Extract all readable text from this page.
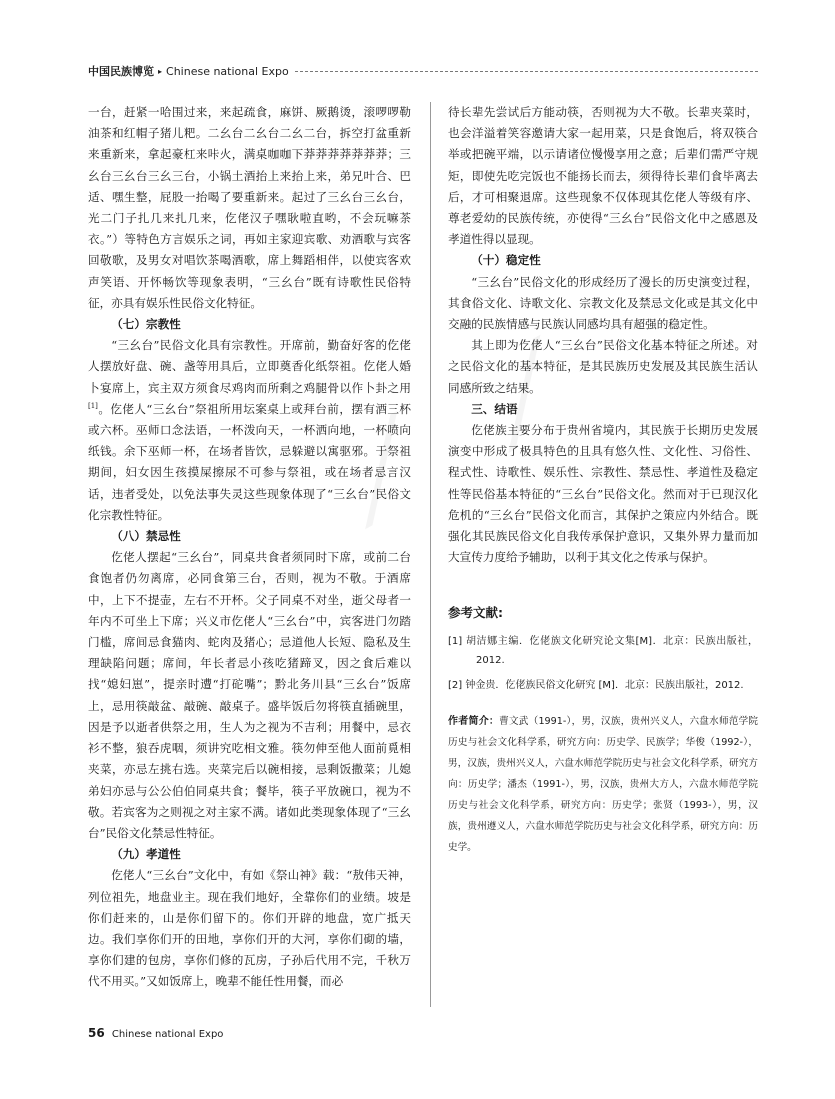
中国民族博览 ▸ Chinese national Expo

一台，赶紧一哈围过来，来起疏食，麻饼、厥鹅烫，滚啰啰勒油茶和红帽子猪儿粑。二幺台二幺台二幺二台，拆空打盆重新来重新来，拿起豪杠来咔火，满桌咖咖下莽莽莽莽莽莽莽；三幺台三幺台三幺三台，小锅土酒抬上来抬上来，弟兄叶合、巴适、嘿生整，屁股一抬喝了要重新来。起过了三幺台三幺台，光二门子扎几来扎几来，仡佬汉子嘿耿啦直哟，不会玩嘛茶衣。”）等特色方言娱乐之词，再如主家迎宾歌、劝酒歌与宾客回敬歌，及男女对唱饮茶喝酒歌，席上舞蹈相伴，以使宾客欢声笑语、开怀畅饮等现象表明，“三幺台”既有诗歌性民俗特征，亦具有娱乐性民俗文化特征。

（七）宗教性

“三幺台”民俗文化具有宗教性。开席前，勤奋好客的仡佬人摆放好盘、碗、盏等用具后，立即奠香化纸祭祖。仡佬人婚卜宴席上，宾主双方须食尽鸡肉而所剩之鸡腿骨以作卜卦之用[1]。仡佬人“三幺台”祭祖所用坛案桌上或拜台前，摆有酒三杯或六杯。巫师口念法语，一杯泼向天，一杯洒向地，一杯喷向纸钱。余下巫师一杯，在场者皆饮，忌躲避以寓驱邪。于祭祖期间，妇女因生孩摸屎擦尿不可参与祭祖，或在场者忌言汉话，违者受处，以免法事失灵这些现象体现了“三幺台”民俗文化宗教性特征。

（八）禁忌性

仡佬人摆起“三幺台”，同桌共食者须同时下席，或前二台食饱者仍勿离席，必同食第三台，否则，视为不敬。于酒席中，上下不提壶，左右不开杯。父子同桌不对坐，逝父母者一年内不可坐上下席；兴义市仡佬人“三幺台”中，宾客进门勿踏门槛，席间忌食猫肉、蛇肉及猪心；忌道他人长短、隐私及生理缺陷问题；席间，年长者忌小孩吃猪蹄叉，因之食后难以找“媳妇崽”，提亲时遭“打砣嘴”；黔北务川县“三幺台”饭席上，忌用筷敲盆、敲碗、敲桌子。盛毕饭后勿将筷直插碗里，因是予以逝者供祭之用，生人为之视为不吉利；用餐中，忌衣衫不整，狼吞虎咽，须讲究吃相文雅。筷勿伸至他人面前覓相夹菜，亦忌左挑右选。夹菜完后以碗相接，忌剩饭撒菜；儿媳弟妇亦忌与公公伯伯同桌共食；餐毕，筷子平放碗口，视为不敬。若宾客为之则视之对主家不满。诸如此类现象体现了“三幺台”民俗文化禁忌性特征。

（九）孝道性

仡佬人“三幺台”文化中，有如《祭山神》载：“敖伟天神，列位祖先，地盘业主。现在我们地好，全靠你们的业绩。坡是你们赶来的，山是你们留下的。你们开辟的地盘，宽广抵天边。我们享你们开的田地，享你们开的大河，享你们砌的墙，享你们建的包房，享你们修的瓦房，子孙后代用不完，千秋万代不用买。”又如饭席上，晚辈不能任性用餐，而必

待长辈先尝试后方能动筷，否则视为大不敬。长辈夹菜时，也会洋溢着笑容邀请大家一起用菜，只是食饱后，将双筷合举或把碗平端，以示请诸位慢慢享用之意；后辈们需严守规矩，即使先吃完饭也不能扬长而去，须得待长辈们食毕离去后，才可相聚退席。这些现象不仅体现其仡佬人等级有序、尊老爱幼的民族传统，亦使得“三幺台”民俗文化中之感恩及孝道性得以显现。

（十）稳定性

“三幺台”民俗文化的形成经历了漫长的历史演变过程，其食俗文化、诗歌文化、宗教文化及禁忌文化或是其文化中交融的民族情感与民族认同感均具有超强的稳定性。

其上即为仡佬人“三幺台”民俗文化基本特征之所述。对之民俗文化的基本特征，是其民族历史发展及其民族生活认同感所致之结果。

三、结语

仡佬族主要分布于贵州省境内，其民族于长期历史发展演变中形成了极具特色的且具有悠久性、文化性、习俗性、程式性、诗歌性、娱乐性、宗教性、禁忌性、孝道性及稳定性等民俗基本特征的“三幺台”民俗文化。然而对于已现汉化危机的“三幺台”民俗文化而言，其保护之策应内外结合。既强化其民族民俗文化自我传承保护意识，又集外界力量而加大宣传力度给予辅助，以利于其文化之传承与保护。

参考文献:
[1] 胡洁娜主编．仡佬族文化研究论文集[M]．北京：民族出版社，2012.
[2] 钟金贵．仡佬族民俗文化研究 [M]．北京：民族出版社，2012.
作者简介：曹文武（1991-），男，汉族，贵州兴义人，六盘水师范学院历史与社会文化科学系，研究方向：历史学、民族学；华俊（1992-），男，汉族，贵州兴义人，六盘水师范学院历史与社会文化科学系，研究方向：历史学；潘杰（1991-），男，汉族，贵州大方人，六盘水师范学院历史与社会文化科学系，研究方向：历史学；张贤（1993-），男，汉族，贵州遵义人，六盘水师范学院历史与社会文化科学系，研究方向：历史学。
56 Chinese national Expo
